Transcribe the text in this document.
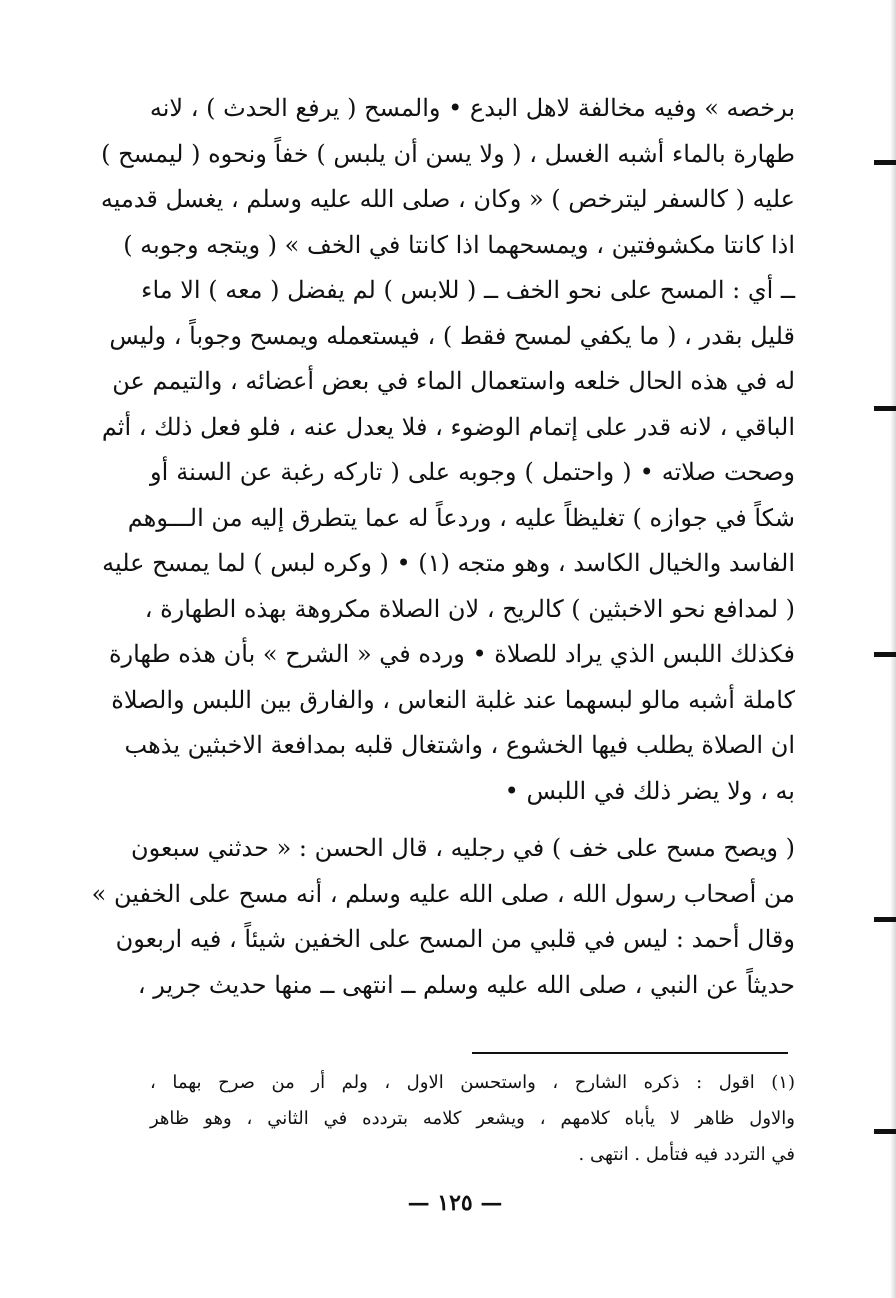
برخصه » وفيه مخالفة لاهل البدع • والمسح ( يرفع الحدث ) ، لانه
طهارة بالماء أشبه الغسل ، ( ولا يسن أن يلبس ) خفاً ونحوه ( ليمسح )
عليه ( كالسفر ليترخص ) « وكان ، صلى الله عليه وسلم ، يغسل قدميه
اذا كانتا مكشوفتين ، ويمسحهما اذا كانتا في الخف » ( ويتجه وجوبه )
ــ أي : المسح على نحو الخف ــ ( للابس ) لم يفضل ( معه ) الا ماء
قليل بقدر ، ( ما يكفي لمسح فقط ) ، فيستعمله ويمسح وجوباً ، وليس
له في هذه الحال خلعه واستعمال الماء في بعض أعضائه ، والتيمم عن
الباقي ، لانه قدر على إتمام الوضوء ، فلا يعدل عنه ، فلو فعل ذلك ، أثم
وصحت صلاته • ( واحتمل ) وجوبه على ( تاركه رغبة عن السنة أو
شكاً في جوازه ) تغليظاً عليه ، وردعاً له عما يتطرق إليه من الـــوهم
الفاسد والخيال الكاسد ، وهو متجه (١) • ( وكره لبس ) لما يمسح عليه
( لمدافع نحو الاخبثين ) كالريح ، لان الصلاة مكروهة بهذه الطهارة ،
فكذلك اللبس الذي يراد للصلاة • ورده في « الشرح » بأن هذه طهارة
كاملة أشبه مالو لبسهما عند غلبة النعاس ، والفارق بين اللبس والصلاة
ان الصلاة يطلب فيها الخشوع ، واشتغال قلبه بمدافعة الاخبثين يذهب
به ، ولا يضر ذلك في اللبس •
( ويصح مسح على خف ) في رجليه ، قال الحسن : « حدثني سبعون
من أصحاب رسول الله ، صلى الله عليه وسلم ، أنه مسح على الخفين »
وقال أحمد : ليس في قلبي من المسح على الخفين شيئاً ، فيه اربعون
حديثاً عن النبي ، صلى الله عليه وسلم ــ انتهى ــ منها حديث جرير ،
(١) اقول : ذكره الشارح ، واستحسن الاول ، ولم أر من صرح بهما ،
والاول ظاهر لا يأباه كلامهم ، ويشعر كلامه بتردده في الثاني ، وهو ظاهر
في التردد فيه فتأمل . انتهى .
— ١٢٥ —
